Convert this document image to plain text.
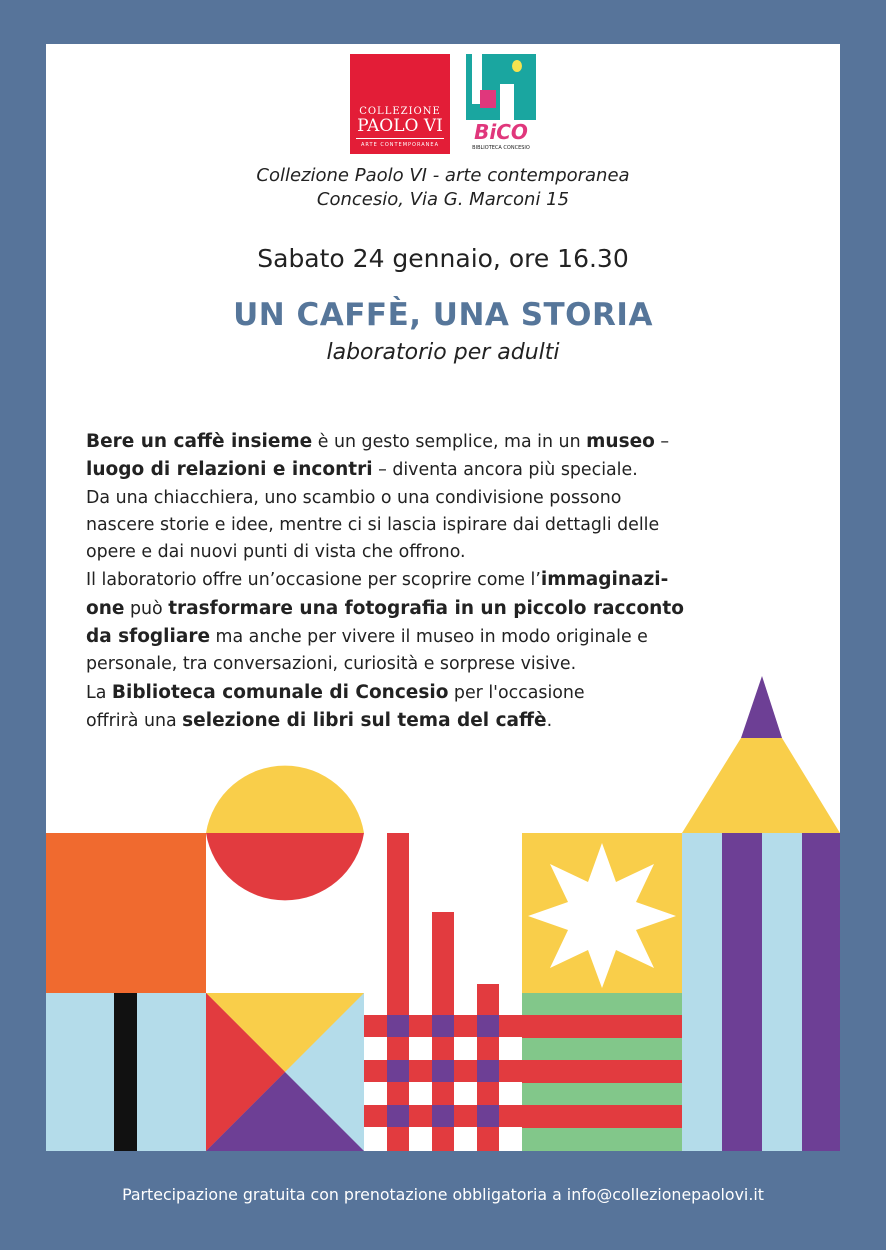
COLLEZIONE
PAOLO VI
ARTE CONTEMPORANEA
BiCO
BIBLIOTECA CONCESIO
Collezione Paolo VI - arte contemporanea
Concesio, Via G. Marconi 15
Sabato 24 gennaio, ore 16.30
UN CAFFÈ, UNA STORIA
laboratorio per adulti
Bere un caffè insieme è un gesto semplice, ma in un museo –
luogo di relazioni e incontri – diventa ancora più speciale.
Da una chiacchiera, uno scambio o una condivisione possono
nascere storie e idee, mentre ci si lascia ispirare dai dettagli delle
opere e dai nuovi punti di vista che offrono.
Il laboratorio offre un’occasione per scoprire come l’immaginazi-
one può trasformare una fotografia in un piccolo racconto
da sfogliare ma anche per vivere il museo in modo originale e
personale, tra conversazioni, curiosità e sorprese visive.
La Biblioteca comunale di Concesio per l'occasione
offrirà una selezione di libri sul tema del caffè.
Partecipazione gratuita con prenotazione obbligatoria a info@collezionepaolovi.it
